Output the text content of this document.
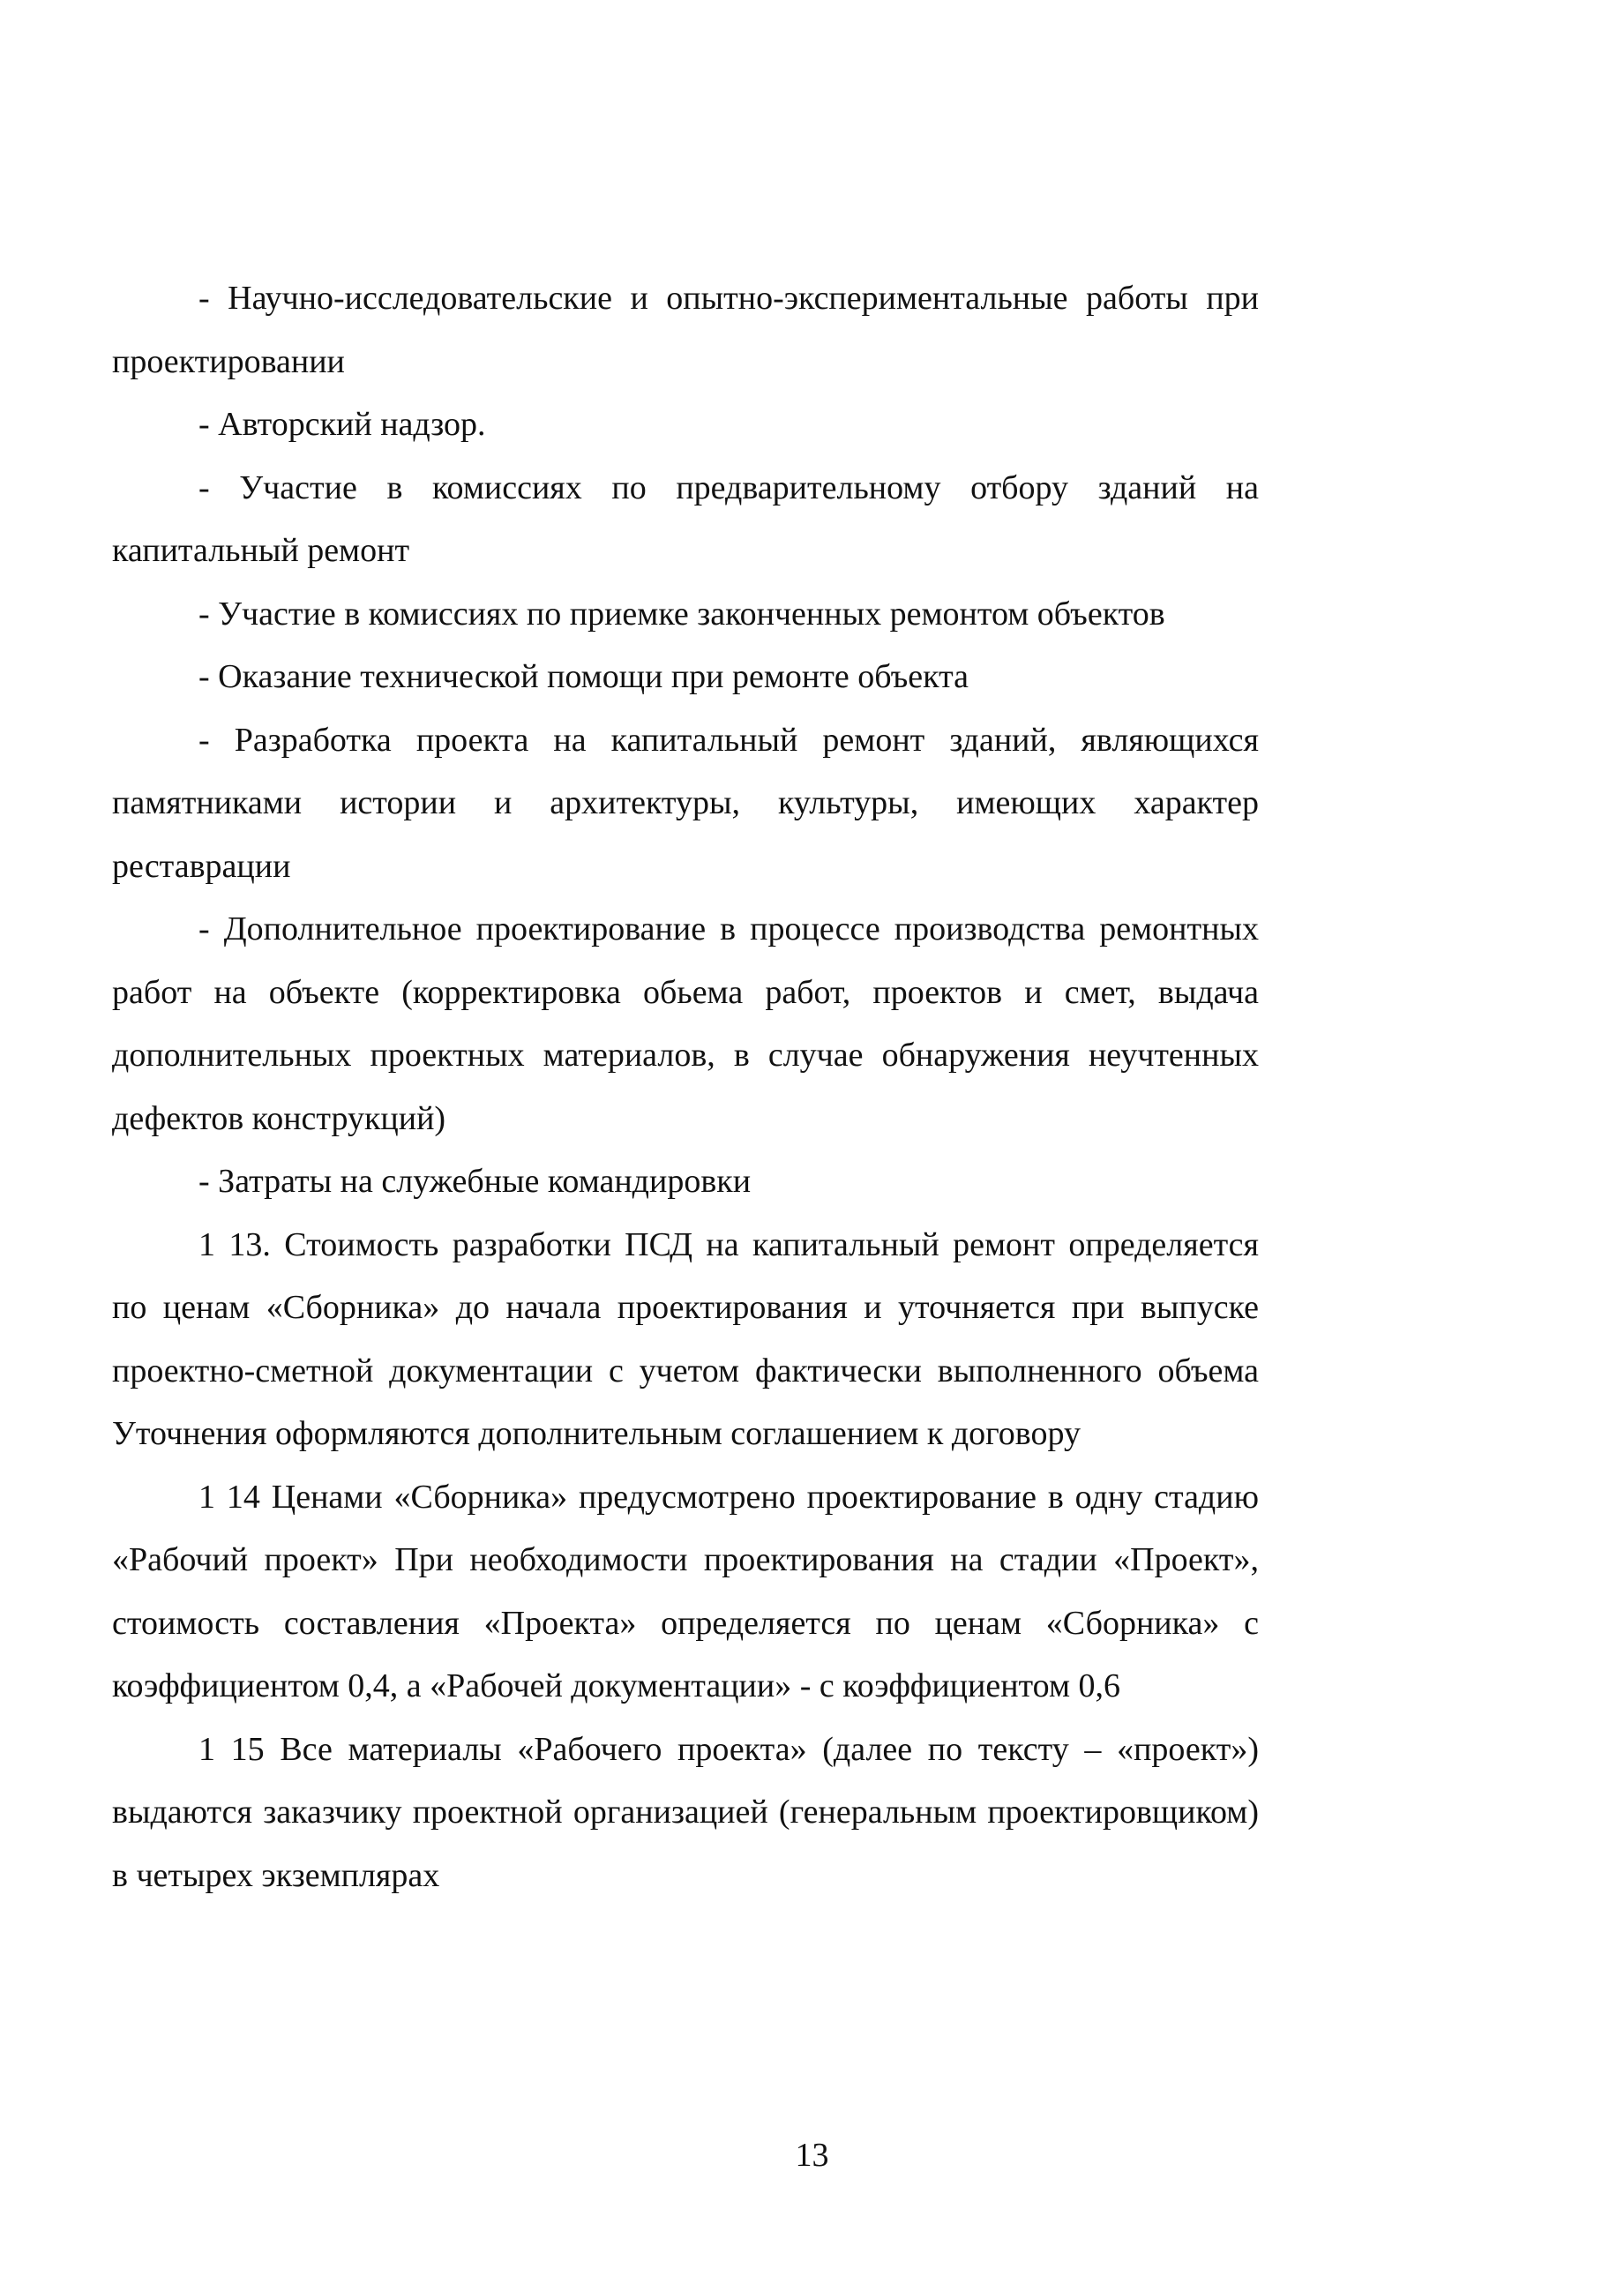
- Научно-исследовательские и опытно-экспериментальные работы при проектировании

- Авторский надзор.

- Участие в комиссиях по предварительному отбору зданий на капитальный ремонт

- Участие в комиссиях по приемке законченных ремонтом объектов

- Оказание технической помощи при ремонте объекта

- Разработка проекта на капитальный ремонт зданий, являющихся памятниками истории и архитектуры, культуры, имеющих характер реставрации

- Дополнительное проектирование в процессе производства ремонтных работ на объекте (корректировка обьема работ, проектов и смет, выдача дополнительных проектных материалов, в случае обнаружения неучтенных дефектов конструкций)

- Затраты на служебные командировки

1 13. Стоимость разработки ПСД на капитальный ремонт определяется по ценам «Сборника» до начала проектирования и уточняется при выпуске проектно-сметной документации с учетом фактически выполненного объема Уточнения оформляются дополнительным соглашением к договору

1 14 Ценами «Сборника» предусмотрено проектирование в одну стадию «Рабочий проект» При необходимости проектирования на стадии «Проект», стоимость составления «Проекта» определяется по ценам «Сборника» с коэффициентом 0,4, а «Рабочей документации» - с коэффициентом 0,6

1 15 Все материалы «Рабочего проекта» (далее по тексту – «проект») выдаются заказчику проектной организацией (генеральным проектировщиком) в четырех экземплярах

13
